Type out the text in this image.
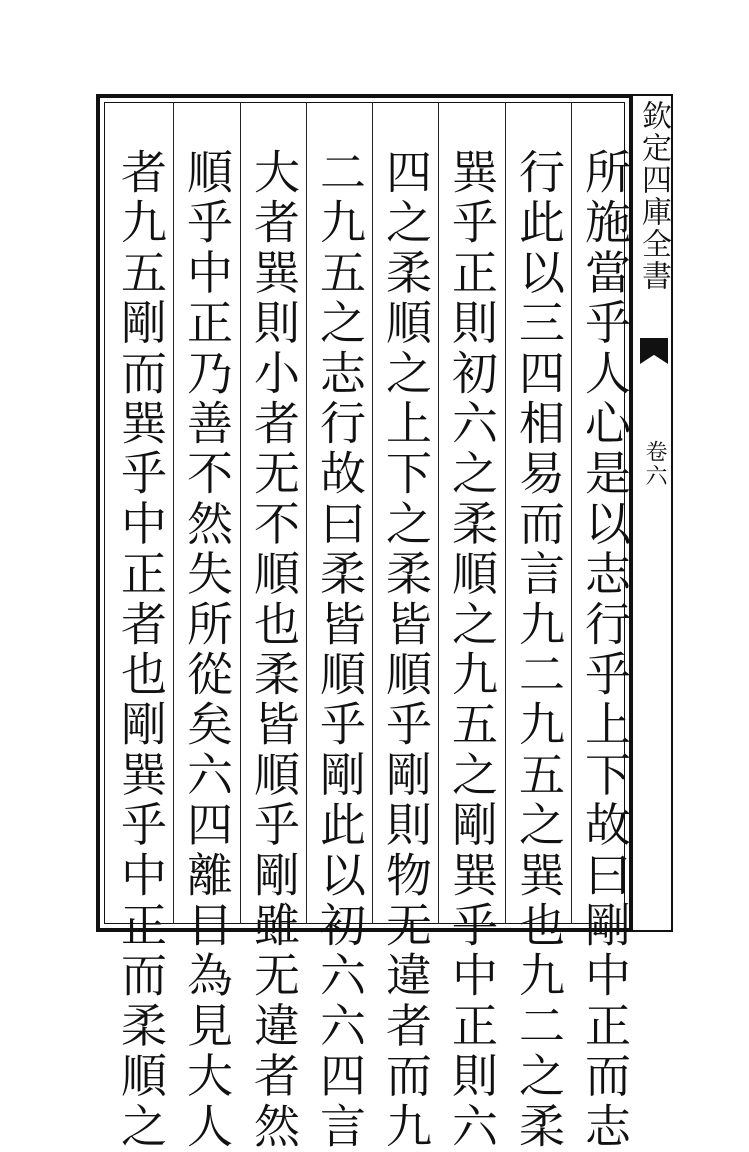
欽定四庫全書
卷六
所施當乎人心是以志行乎上下故曰剛中正而志
行此以三四相易而言九二九五之巽也九二之柔
巽乎正則初六之柔順之九五之剛巽乎中正則六
四之柔順之上下之柔皆順乎剛則物无違者而九
二九五之志行故曰柔皆順乎剛此以初六六四言
大者巽則小者无不順也柔皆順乎剛雖无違者然
順乎中正乃善不然失所從矣六四離目為見大人
者九五剛而巽乎中正者也剛巽乎中正而柔順之
